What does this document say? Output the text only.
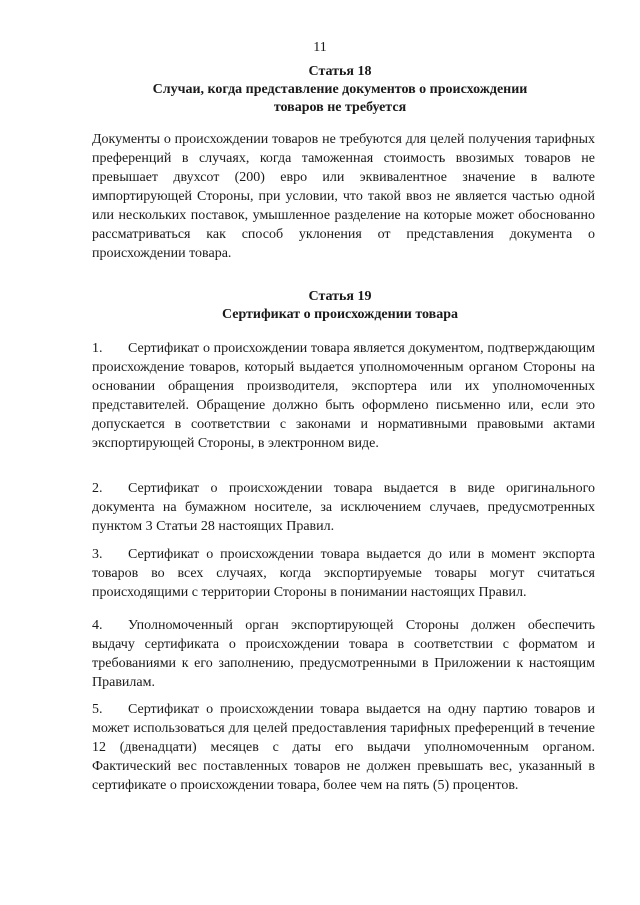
11
Статья 18
Случаи, когда представление документов о происхождении
товаров не требуется
Документы о происхождении товаров не требуются для целей получения тарифных преференций в случаях, когда таможенная стоимость ввозимых товаров не превышает двухсот (200) евро или эквивалентное значение в валюте импортирующей Стороны, при условии, что такой ввоз не является частью одной или нескольких поставок, умышленное разделение на которые может обоснованно рассматриваться как способ уклонения от представления документа о происхождении товара.
Статья 19
Сертификат о происхождении товара
1. Сертификат о происхождении товара является документом, подтверждающим происхождение товаров, который выдается уполномоченным органом Стороны на основании обращения производителя, экспортера или их уполномоченных представителей. Обращение должно быть оформлено письменно или, если это допускается в соответствии с законами и нормативными правовыми актами экспортирующей Стороны, в электронном виде.
2. Сертификат о происхождении товара выдается в виде оригинального документа на бумажном носителе, за исключением случаев, предусмотренных пунктом 3 Статьи 28 настоящих Правил.
3. Сертификат о происхождении товара выдается до или в момент экспорта товаров во всех случаях, когда экспортируемые товары могут считаться происходящими с территории Стороны в понимании настоящих Правил.
4. Уполномоченный орган экспортирующей Стороны должен обеспечить выдачу сертификата о происхождении товара в соответствии с форматом и требованиями к его заполнению, предусмотренными в Приложении к настоящим Правилам.
5. Сертификат о происхождении товара выдается на одну партию товаров и может использоваться для целей предоставления тарифных преференций в течение 12 (двенадцати) месяцев с даты его выдачи уполномоченным органом. Фактический вес поставленных товаров не должен превышать вес, указанный в сертификате о происхождении товара, более чем на пять (5) процентов.
